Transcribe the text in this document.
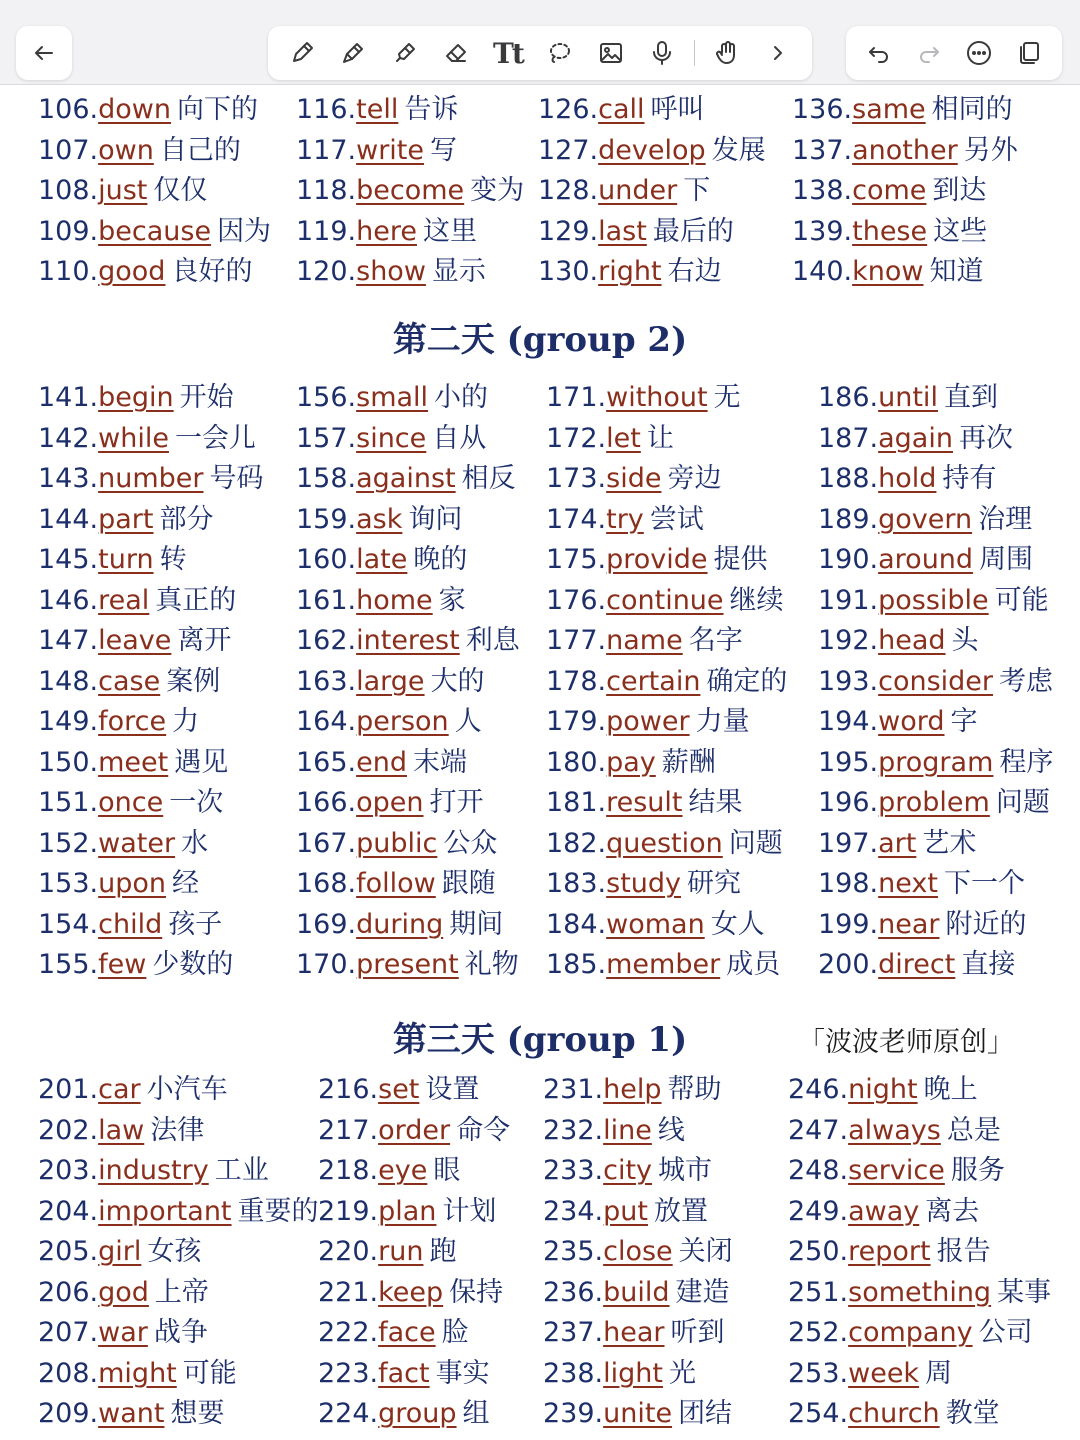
Tt
106.down 向下的
107.own 自己的
108.just 仅仅
109.because 因为
110.good 良好的
116.tell 告诉
117.write 写
118.become 变为
119.here 这里
120.show 显示
126.call 呼叫
127.develop 发展
128.under 下
129.last 最后的
130.right 右边
136.same 相同的
137.another 另外
138.come 到达
139.these 这些
140.know 知道
第二天 (group 2)
141.begin 开始
142.while 一会儿
143.number 号码
144.part 部分
145.turn 转
146.real 真正的
147.leave 离开
148.case 案例
149.force 力
150.meet 遇见
151.once 一次
152.water 水
153.upon 经
154.child 孩子
155.few 少数的
156.small 小的
157.since 自从
158.against 相反
159.ask 询问
160.late 晚的
161.home 家
162.interest 利息
163.large 大的
164.person 人
165.end 末端
166.open 打开
167.public 公众
168.follow 跟随
169.during 期间
170.present 礼物
171.without 无
172.let 让
173.side 旁边
174.try 尝试
175.provide 提供
176.continue 继续
177.name 名字
178.certain 确定的
179.power 力量
180.pay 薪酬
181.result 结果
182.question 问题
183.study 研究
184.woman 女人
185.member 成员
186.until 直到
187.again 再次
188.hold 持有
189.govern 治理
190.around 周围
191.possible 可能
192.head 头
193.consider 考虑
194.word 字
195.program 程序
196.problem 问题
197.art 艺术
198.next 下一个
199.near 附近的
200.direct 直接
第三天 (group 1)	「波波老师原创」
201.car 小汽车
202.law 法律
203.industry 工业
204.important 重要的
205.girl 女孩
206.god 上帝
207.war 战争
208.might 可能
209.want 想要
216.set 设置
217.order 命令
218.eye 眼
219.plan 计划
220.run 跑
221.keep 保持
222.face 脸
223.fact 事实
224.group 组
231.help 帮助
232.line 线
233.city 城市
234.put 放置
235.close 关闭
236.build 建造
237.hear 听到
238.light 光
239.unite 团结
246.night 晚上
247.always 总是
248.service 服务
249.away 离去
250.report 报告
251.something 某事
252.company 公司
253.week 周
254.church 教堂
